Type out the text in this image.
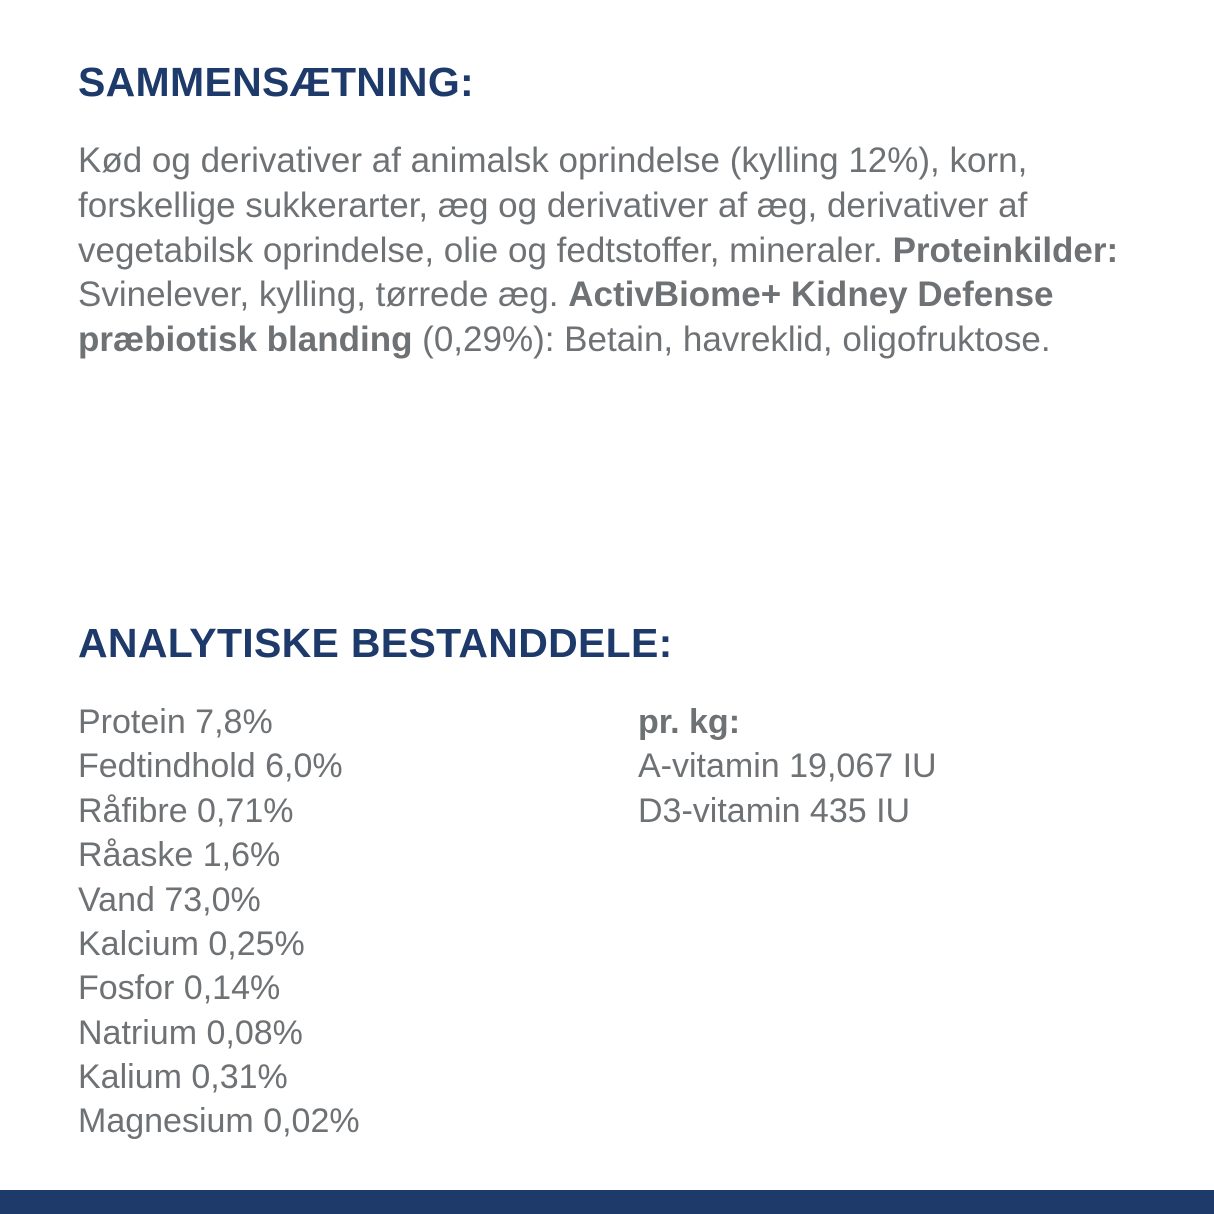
SAMMENSÆTNING:

Kød og derivativer af animalsk oprindelse (kylling 12%), korn, forskellige sukkerarter, æg og derivativer af æg, derivativer af vegetabilsk oprindelse, olie og fedtstoffer, mineraler. Proteinkilder: Svinelever, kylling, tørrede æg. ActivBiome+ Kidney Defense præbiotisk blanding (0,29%): Betain, havreklid, oligofruktose.

ANALYTISKE BESTANDDELE:
Protein 7,8%
Fedtindhold 6,0%
Råfibre 0,71%
Råaske 1,6%
Vand 73,0%
Kalcium 0,25%
Fosfor 0,14%
Natrium 0,08%
Kalium 0,31%
Magnesium 0,02%
pr. kg:
A-vitamin 19,067 IU
D3-vitamin 435 IU
